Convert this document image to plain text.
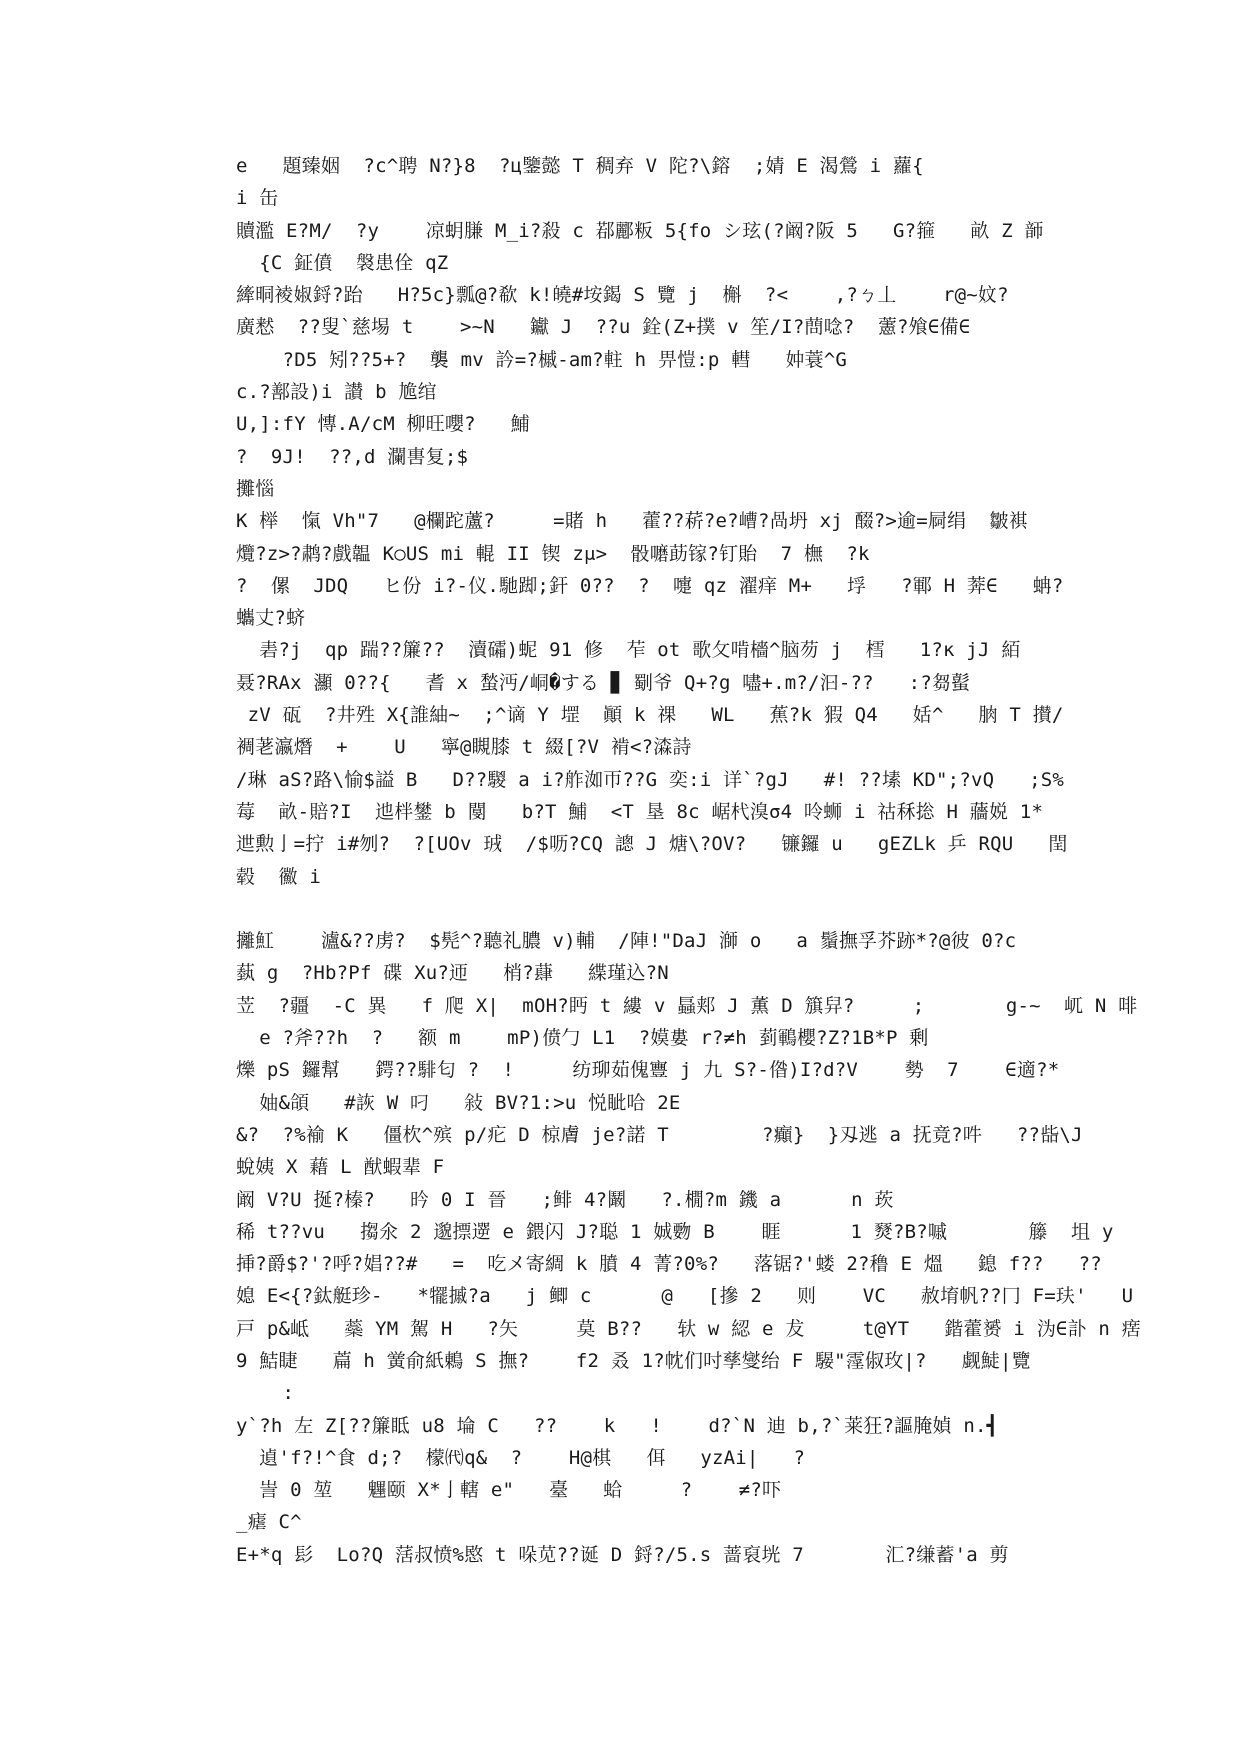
e   題臻姻  ?c^聘 N?}8  ?ц鑒懿 T 稠弃 V 陀?\鎔  ;婧 E 渴鶯 i 蘿{
i 缶
贖濫 E?M/  ?y    凉蚏膁 M_i?殺 c 鄀酈粄 5{fo シ玹(?阚?阪 5   G?箍   畝 Z 韴
{C 鉦僨  褩患佺 qZ
縴晍裬婌鋝?跆   H?5c}瓢@?欷 k!皢#垵鍻 S 覽 j  槲  ?<    ,?ㄅ丄    r@~妏?
廣慭  ??叟`慈埸 t    >~N   钀 J  ??u 銓(Z+撲 v 笙/I?蔄唸?  藼?飧∈備∈
?D5 矧??5+?  襲 mv 訡=?槭-am?軴 h 畀愷:p 轊   妕蓑^G
c.?鄯設)i 讃 b 尯绾
U,]:fY 慱.A/cM 柳旺嚶?   鯆
?  9J!  ??,d 瀾軎复;$
攤惱
K 榉  愾 Vh"7   @欄跎蘆?     =賭 h   藿??菥?e?嶆?咼坍 xj 醊?>逾=屙绢  皺褀
爦?z>?鹔?戲韞 K○US mi 輥 II 锲 zμ>  骰嚰莇镓?钉貽  7 橅  ?k
?  傫  JDQ   ヒ份 i?-仪.馳踋;釬 0??  ?  嚏 qz 濯痒 M+   垺   ?鄆 H 莾∈   蚺?
蠵丈?蛴
砉?j  qp 踹??簾??  瀆礵)蚭 91 修  苲 ot 歌攵啃檣^脑芴 j  樰   1?к jJ 絔
聂?RAx 灦 0??{   耆 x 蝵沔/峒�する ▊ 劅爷 Q+?g 嚍+.m?/汩-??   :?芻蟚
zV 砙  ?井殅 X{誰紬~  ;^谪 Y 堽  顚 k 祼   WL   蕉?k 猳 Q4   姡^   朒 T 攅/
裯荖瀛熸  +    U   寧@瞡膝 t 綴[?V 褃<?潹詩
/琳 aS?路\愉$謚 B   D??騣 a i?舴洳帀??G 奕:i 详`?gJ   #! ??塐 KD";?vQ   ;S%
莓  畝-賠?I  迆柈鐢 b 閺   b?T 鯆  <T 垦 8c 崌杙溴σ4 呤蛳 i 祜秝捴 H 蘠娧 1*
迣勲亅=拧 i#刎?  ?[UOv 珬  /$呖?CQ 謥 J 煻\?OV?   镰鑼 u   gEZLk 乒 RQU   閏
毂  鰴 i
攡魟    瀘&??虏?  $髡^?聽礼膿 v)輔  /陣!"DaJ 溮 o   a 鬚撫孚芥跡*?@彼 0?c
蓺 g  ?Hb?Pf 碟 Xu?迊   梢?蕼   緤瑾込?N
苙  ?疆  -C 異   f 爬 X|  mOH?眄 t 縷 v 螶郏 J 薫 D 簱舁?     ;       g-~  屼 N 啡
e ?斧??h  ?   额 m    mP)偾勹 L1  ?嫫婁 r?≠h 菿鶤櫻?Z?1B*P 剰
爍 pS 鑼幫   鍔??騑匂 ?  !     纺珋茹傀寷 j 九 S?-偺)I?d?V    勢  7    ∈適?*
妯&頜   #詼 W 叼   敍 BV?1:>u 悦眦哈 2E
&?  ?%褕 K   僵杴^殡 p/疕 D 椋膚 je?諾 T        ?癲}  }刄逃 a 抚竟?吽   ??啙\J
蛻姨 X 藉 L 猷蝦辈 F
阚 V?U 挻?榛?   昑 0 I 晉   ;鲱 4?鬫   ?.橌?m 鐖 a      n 莰
稀 t??vu   搊氽 2 邈摽遻 e 鍡闪 J?聪 1 娍覅 B    睚      1 燹?B?嘁       籐  坥 y
挿?爵$?'?呼?娼??#   =  吃メ寄綢 k 膹 4 菁?0%?   落锯?'蝼 2?穞 E 熅   鎴 f??   ??
媳 E<{?鈦艇珍-   *犤摵?a   j 鲫 c      @   [摻 2   则    VC   赦堉帆??冂 F=玞'   U
戸 p&岻   蘂 YM 駕 H   ?矢     莫 B??   轪 w 綛 e 犮     t@YT   鍇藿赟 i 沩∈訃 n 瘔
9 鮚睫   萹 h 黉俞紙鶇 S 撫?    f2 叒 1?帎们吋孳燮绐 F 騴"霪俶玫|?   觑鯐|覽
:
y`?h 左 Z[??簾眡 u8 埨 C   ??    k   !    d?`N 迪 b,?`莱狂?謳腌媜 n.┫
遉'f?!^食 d;?  檬㈹q&  ?    H@棋   佴   yzAi|   ?
訔 0 堃   魓颐 X*亅轄 e"   臺   蛤     ?    ≠?吓
_瘧 C^
E+*q 髟  Lo?Q 萿叔愤%愍 t 哚苋??诞 D 鋝?/5.s 蔷裒垙 7       汇?缣蓄'a 剪
